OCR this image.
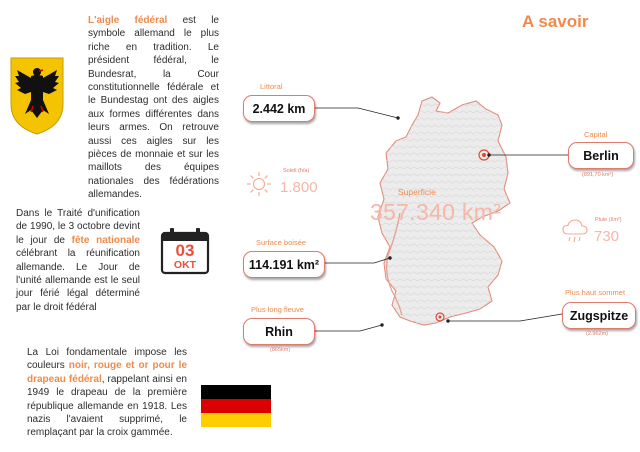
A savoir
L'aigle fédéral est le symbole allemand le plus riche en tradition. Le président fédéral, le Bundesrat, la Cour constitutionnelle fédérale et le Bundestag ont des aigles aux formes différentes dans leurs armes. On retrouve aussi ces aigles sur les pièces de monnaie et sur les maillots des équipes nationales des fédérations allemandes.
Dans le Traité d'unification de 1990, le 3 octobre devint le jour de fête nationale célébrant la réunification allemande. Le Jour de l'unité allemande est le seul jour férié légal déterminé par le droit fédéral
03
OKT
La Loi fondamentale impose les couleurs noir, rouge et or pour le drapeau fédéral, rappelant ainsi en 1949 le drapeau de la première république allemande en 1918. Les nazis l'avaient supprimé, le remplaçant par la croix gammée.
Littoral
2.442 km
Capital
Berlin
(891,70 km²)
Soleil (h/a)
1.800	Superficie
357.340 km²	Pluie (l/m²)
730
Surface boisée
114.191 km²
Plus long fleuve
Rhin
(865km)
Plus haut sommet
Zugspitze
(2.962m)
